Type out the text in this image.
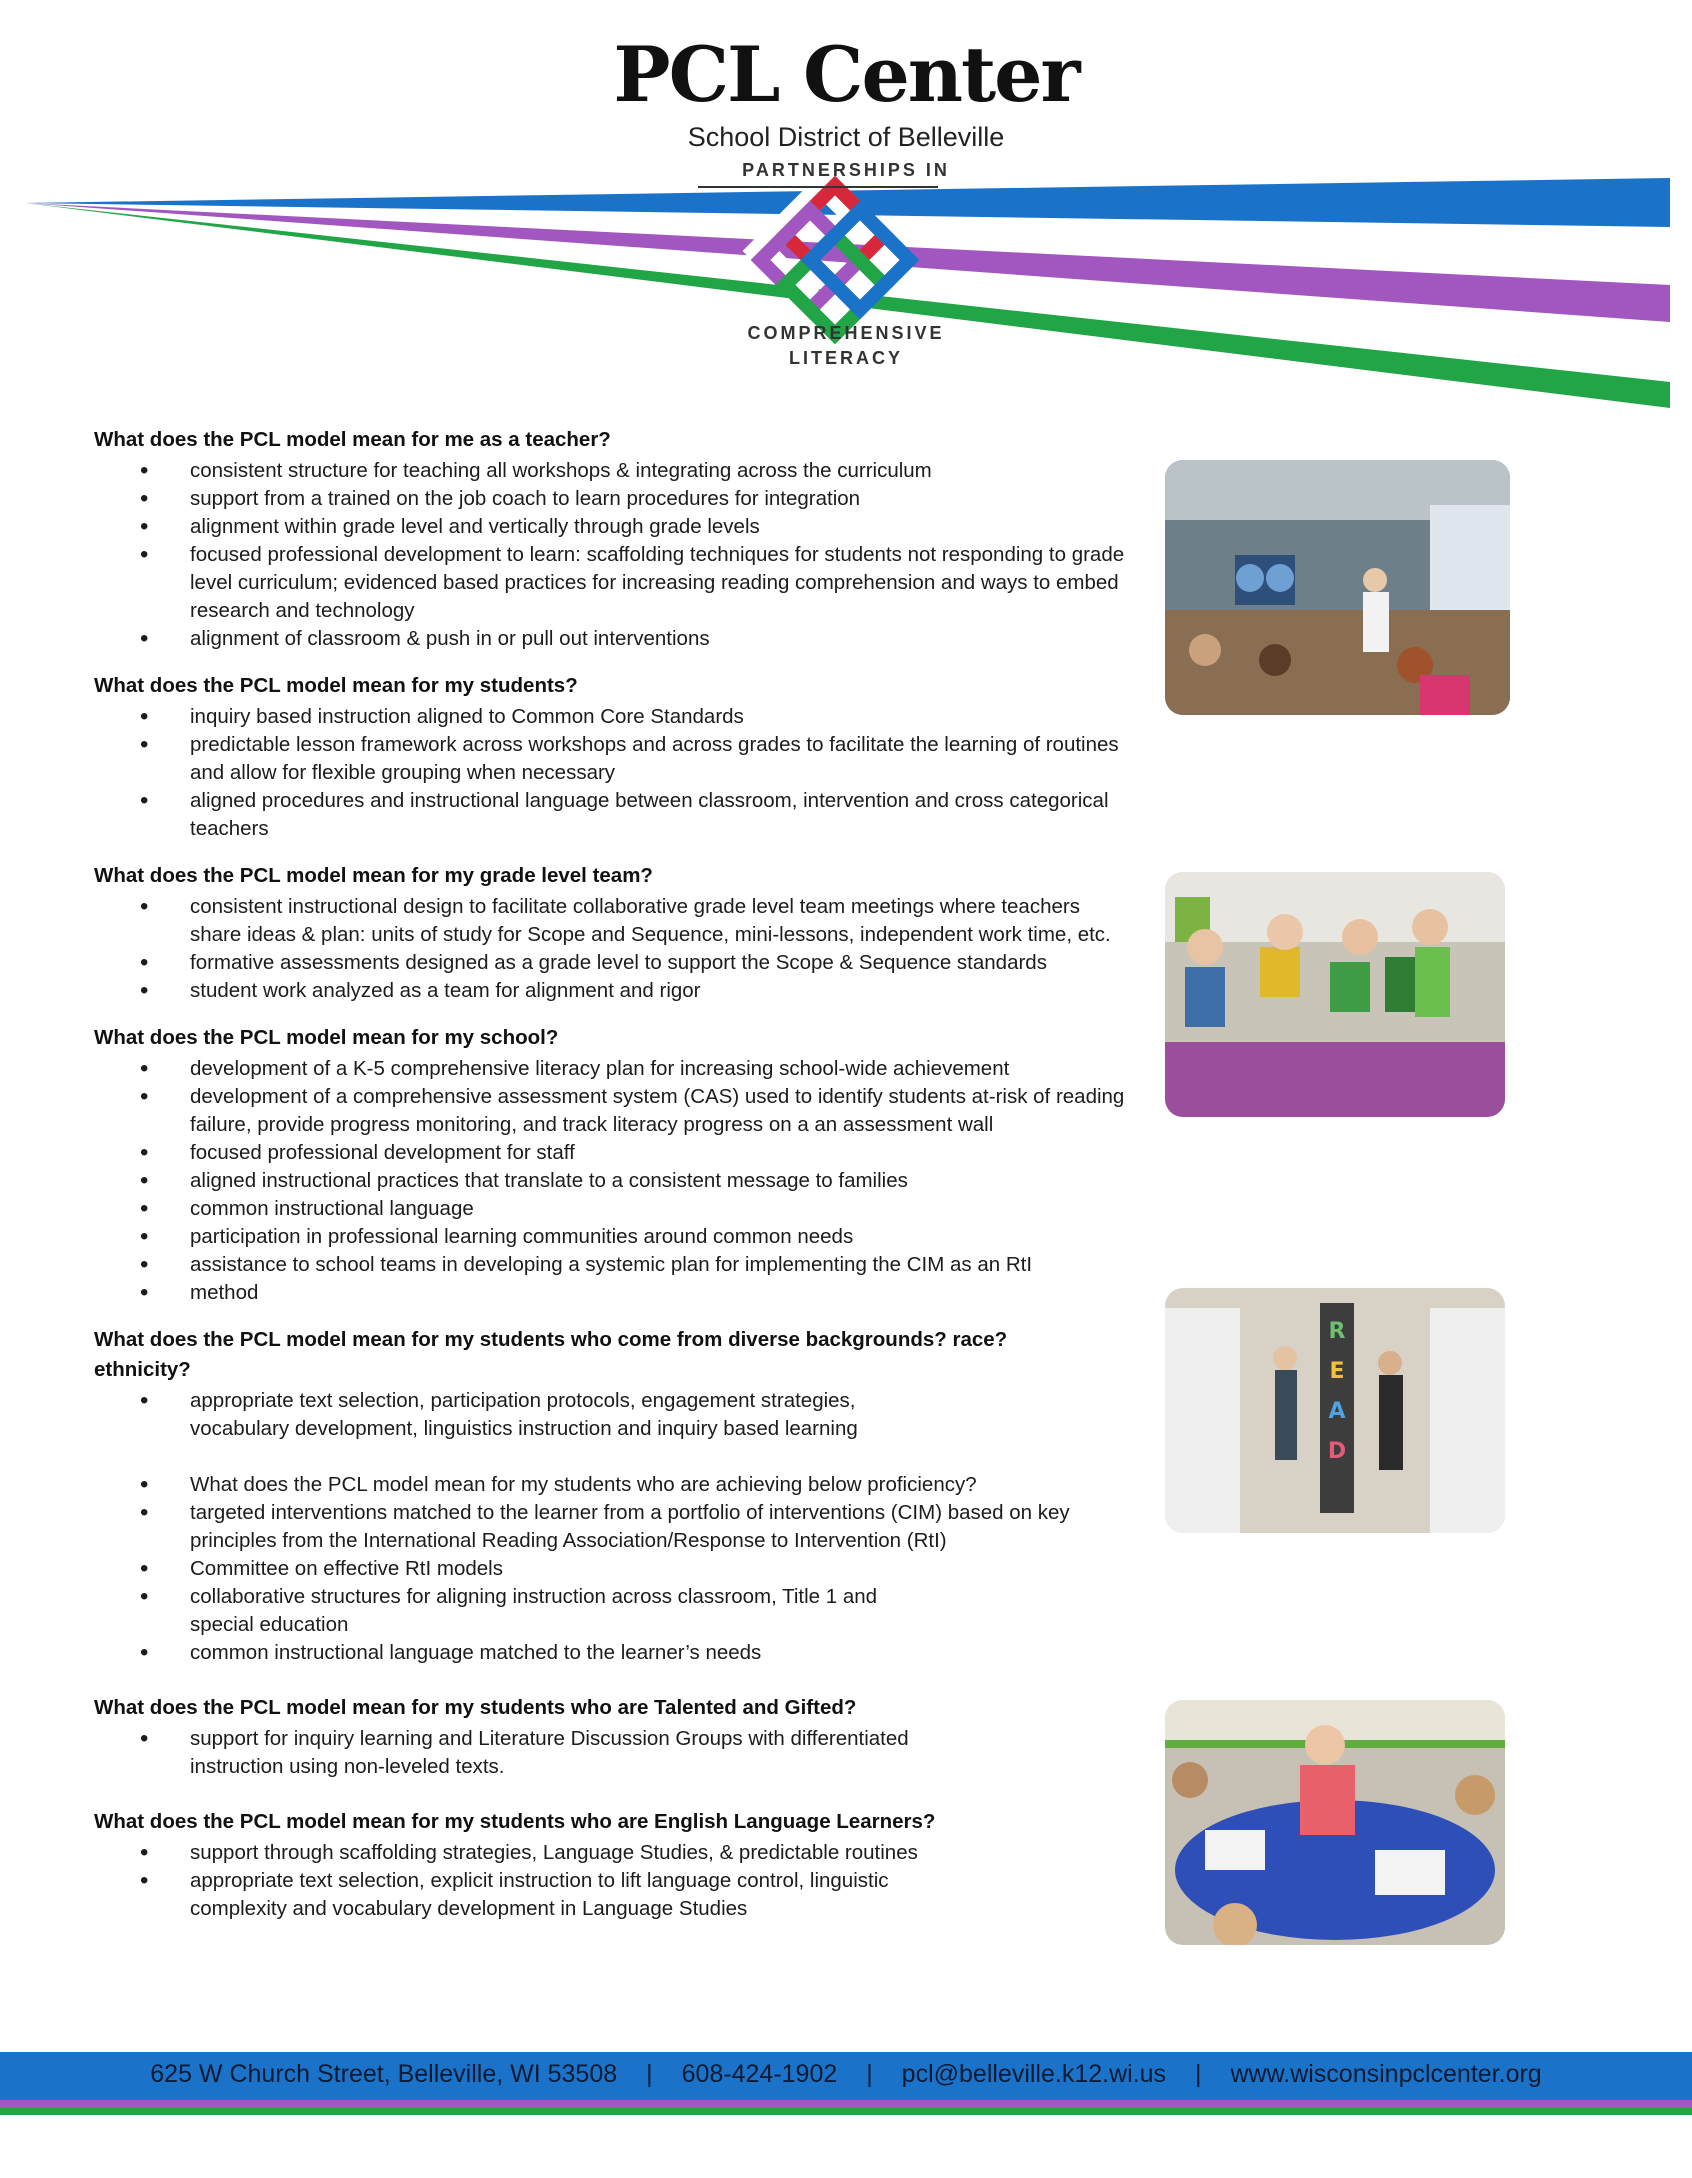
PCL Center
School District of Belleville
PARTNERSHIPS IN
COMPREHENSIVE
LITERACY
What does the PCL model mean for me as a teacher?
• consistent structure for teaching all workshops & integrating across the curriculum
• support from a trained on the job coach to learn procedures for integration
• alignment within grade level and vertically through grade levels
• focused professional development to learn: scaffolding techniques for students not responding to grade level curriculum; evidenced based practices for increasing reading comprehension and ways to embed research and technology
• alignment of classroom & push in or pull out interventions
What does the PCL model mean for my students?
• inquiry based instruction aligned to Common Core Standards
• predictable lesson framework across workshops and across grades to facilitate the learning of routines and allow for flexible grouping when necessary
• aligned procedures and instructional language between classroom, intervention and cross categorical teachers
What does the PCL model mean for my grade level team?
• consistent instructional design to facilitate collaborative grade level team meetings where teachers share ideas & plan: units of study for Scope and Sequence, mini-lessons, independent work time, etc.
• formative assessments designed as a grade level to support the Scope & Sequence standards
• student work analyzed as a team for alignment and rigor
What does the PCL model mean for my school?
• development of a K-5 comprehensive literacy plan for increasing school-wide achievement
• development of a comprehensive assessment system (CAS) used to identify students at-risk of reading failure, provide progress monitoring, and track literacy progress on a an assessment wall
• focused professional development for staff
• aligned instructional practices that translate to a consistent message to families
• common instructional language
• participation in professional learning communities around common needs
• assistance to school teams in developing a systemic plan for implementing the CIM as an RtI
• method
What does the PCL model mean for my students who come from diverse backgrounds? race? ethnicity?
• appropriate text selection, participation protocols, engagement strategies, vocabulary development, linguistics instruction and inquiry based learning
• What does the PCL model mean for my students who are achieving below proficiency?
• targeted interventions matched to the learner from a portfolio of interventions (CIM) based on key principles from the International Reading Association/Response to Intervention (RtI)
• Committee on effective RtI models
• collaborative structures for aligning instruction across classroom, Title 1 and special education
• common instructional language matched to the learner’s needs
What does the PCL model mean for my students who are Talented and Gifted?
• support for inquiry learning and Literature Discussion Groups with differentiated instruction using non-leveled texts.
What does the PCL model mean for my students who are English Language Learners?
• support through scaffolding strategies, Language Studies, & predictable routines
• appropriate text selection, explicit instruction to lift language control, linguistic complexity and vocabulary development in Language Studies
R
E
A
D
625 W Church Street, Belleville, WI 53508 | 608-424-1902 | pcl@belleville.k12.wi.us | www.wisconsinpclcenter.org
